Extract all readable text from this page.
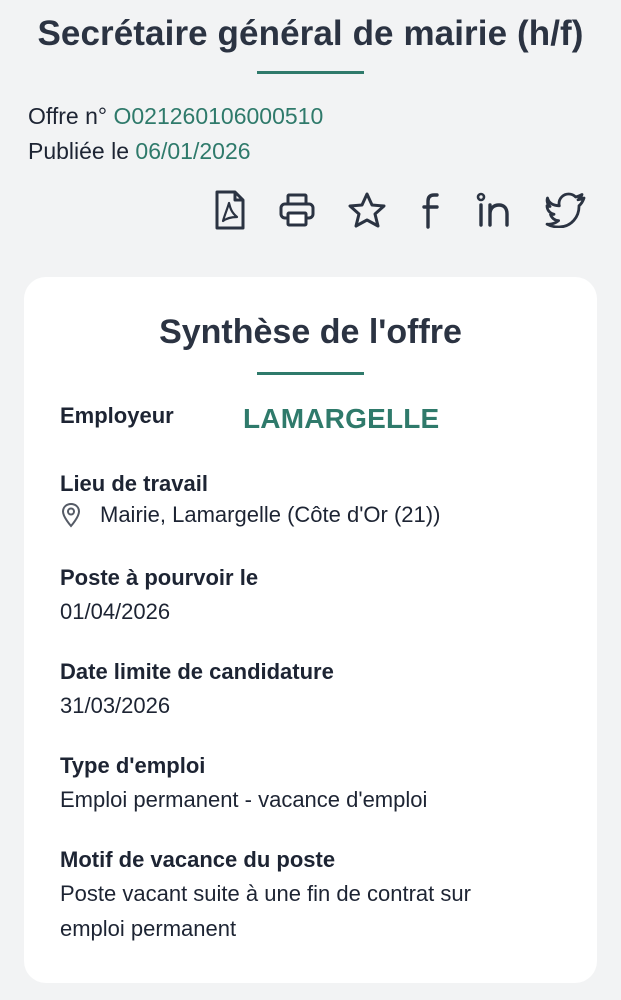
Secrétaire général de mairie (h/f)
Offre n° O021260106000510
Publiée le 06/01/2026
Synthèse de l'offre
Employeur LAMARGELLE
Lieu de travail
Mairie, Lamargelle (Côte d'Or (21))
Poste à pourvoir le
01/04/2026
Date limite de candidature
31/03/2026
Type d'emploi
Emploi permanent - vacance d'emploi
Motif de vacance du poste
Poste vacant suite à une fin de contrat sur
emploi permanent
